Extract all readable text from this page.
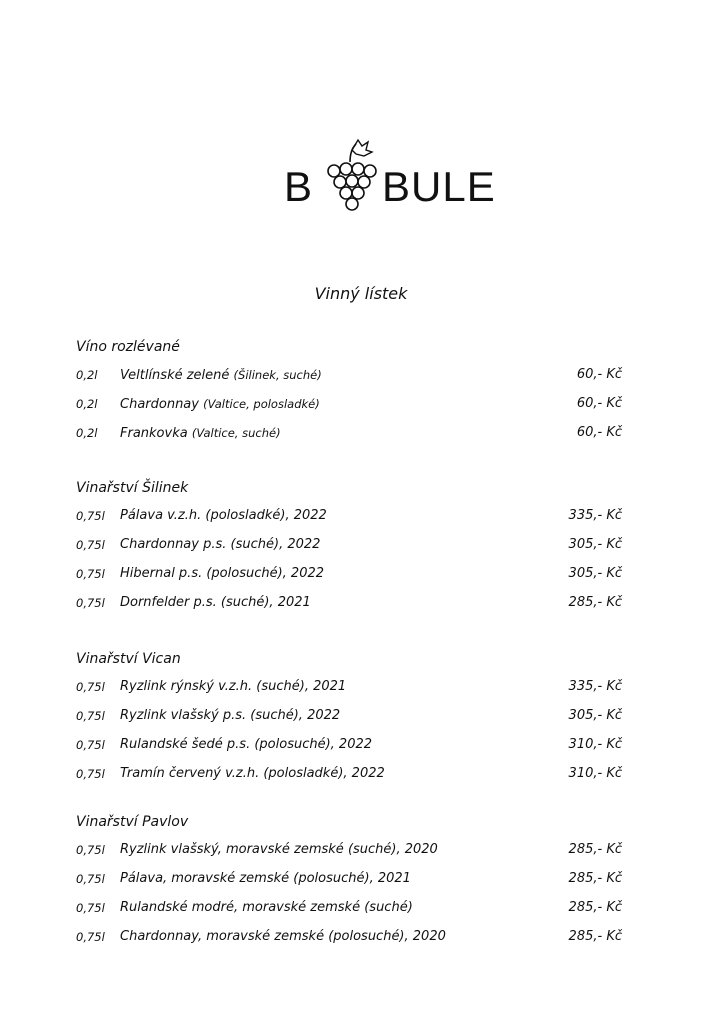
B BULE
Vinný lístek
Víno rozlévané
0,2l Veltlínské zelené (Šilinek, suché)	60,- Kč
0,2l Chardonnay (Valtice, polosladké)	60,- Kč
0,2l Frankovka (Valtice, suché)	60,- Kč
Vinařství Šilinek
0,75l Pálava v.z.h. (polosladké), 2022	335,- Kč
0,75l Chardonnay p.s. (suché), 2022	305,- Kč
0,75l Hibernal p.s. (polosuché), 2022	305,- Kč
0,75l Dornfelder p.s. (suché), 2021	285,- Kč
Vinařství Vican
0,75l Ryzlink rýnský v.z.h. (suché), 2021	335,- Kč
0,75l Ryzlink vlašský p.s. (suché), 2022	305,- Kč
0,75l Rulandské šedé p.s. (polosuché), 2022	310,- Kč
0,75l Tramín červený v.z.h. (polosladké), 2022	310,- Kč
Vinařství Pavlov
0,75l Ryzlink vlašský, moravské zemské (suché), 2020	285,- Kč
0,75l Pálava, moravské zemské (polosuché), 2021	285,- Kč
0,75l Rulandské modré, moravské zemské (suché)	285,- Kč
0,75l Chardonnay, moravské zemské (polosuché), 2020	285,- Kč
